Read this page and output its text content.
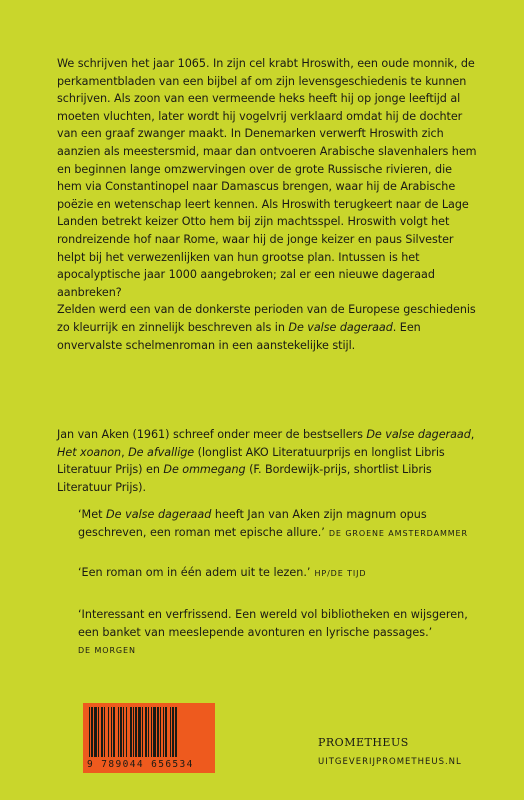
We schrijven het jaar 1065. In zijn cel krabt Hroswith, een oude monnik, de perkamentbladen van een bijbel af om zijn levensgeschiedenis te kunnen schrijven. Als zoon van een vermeende heks heeft hij op jonge leeftijd al moeten vluchten, later wordt hij vogelvrij verklaard omdat hij de dochter van een graaf zwanger maakt. In Denemarken verwerft Hroswith zich aanzien als meestersmid, maar dan ontvoeren Arabische slavenhalers hem en beginnen lange omzwervingen over de grote Russische rivieren, die hem via Constantinopel naar Damascus brengen, waar hij de Arabische poëzie en wetenschap leert kennen. Als Hroswith terugkeert naar de Lage Landen betrekt keizer Otto hem bij zijn machtsspel. Hroswith volgt het rondreizende hof naar Rome, waar hij de jonge keizer en paus Silvester helpt bij het verwezenlijken van hun grootse plan. Intussen is het apocalyptische jaar 1000 aangebroken; zal er een nieuwe dageraad aanbreken?

Zelden werd een van de donkerste perioden van de Europese geschiedenis zo kleurrijk en zinnelijk beschreven als in De valse dageraad. Een onvervalste schelmenroman in een aanstekelijke stijl.

Jan van Aken (1961) schreef onder meer de bestsellers De valse dageraad, Het xoanon, De afvallige (longlist AKO Literatuurprijs en longlist Libris Literatuur Prijs) en De ommegang (F. Bordewijk-prijs, shortlist Libris Literatuur Prijs).

‘Met De valse dageraad heeft Jan van Aken zijn magnum opus geschreven, een roman met epische allure.’ DE GROENE AMSTERDAMMER
‘Een roman om in één adem uit te lezen.’ HP/DE TIJD
‘Interessant en verfrissend. Een wereld vol bibliotheken en wijsgeren, een banket van meeslepende avonturen en lyrische passages.’
DE MORGEN
9 789044 656534
PROMETHEUS
UITGEVERIJPROMETHEUS.NL
